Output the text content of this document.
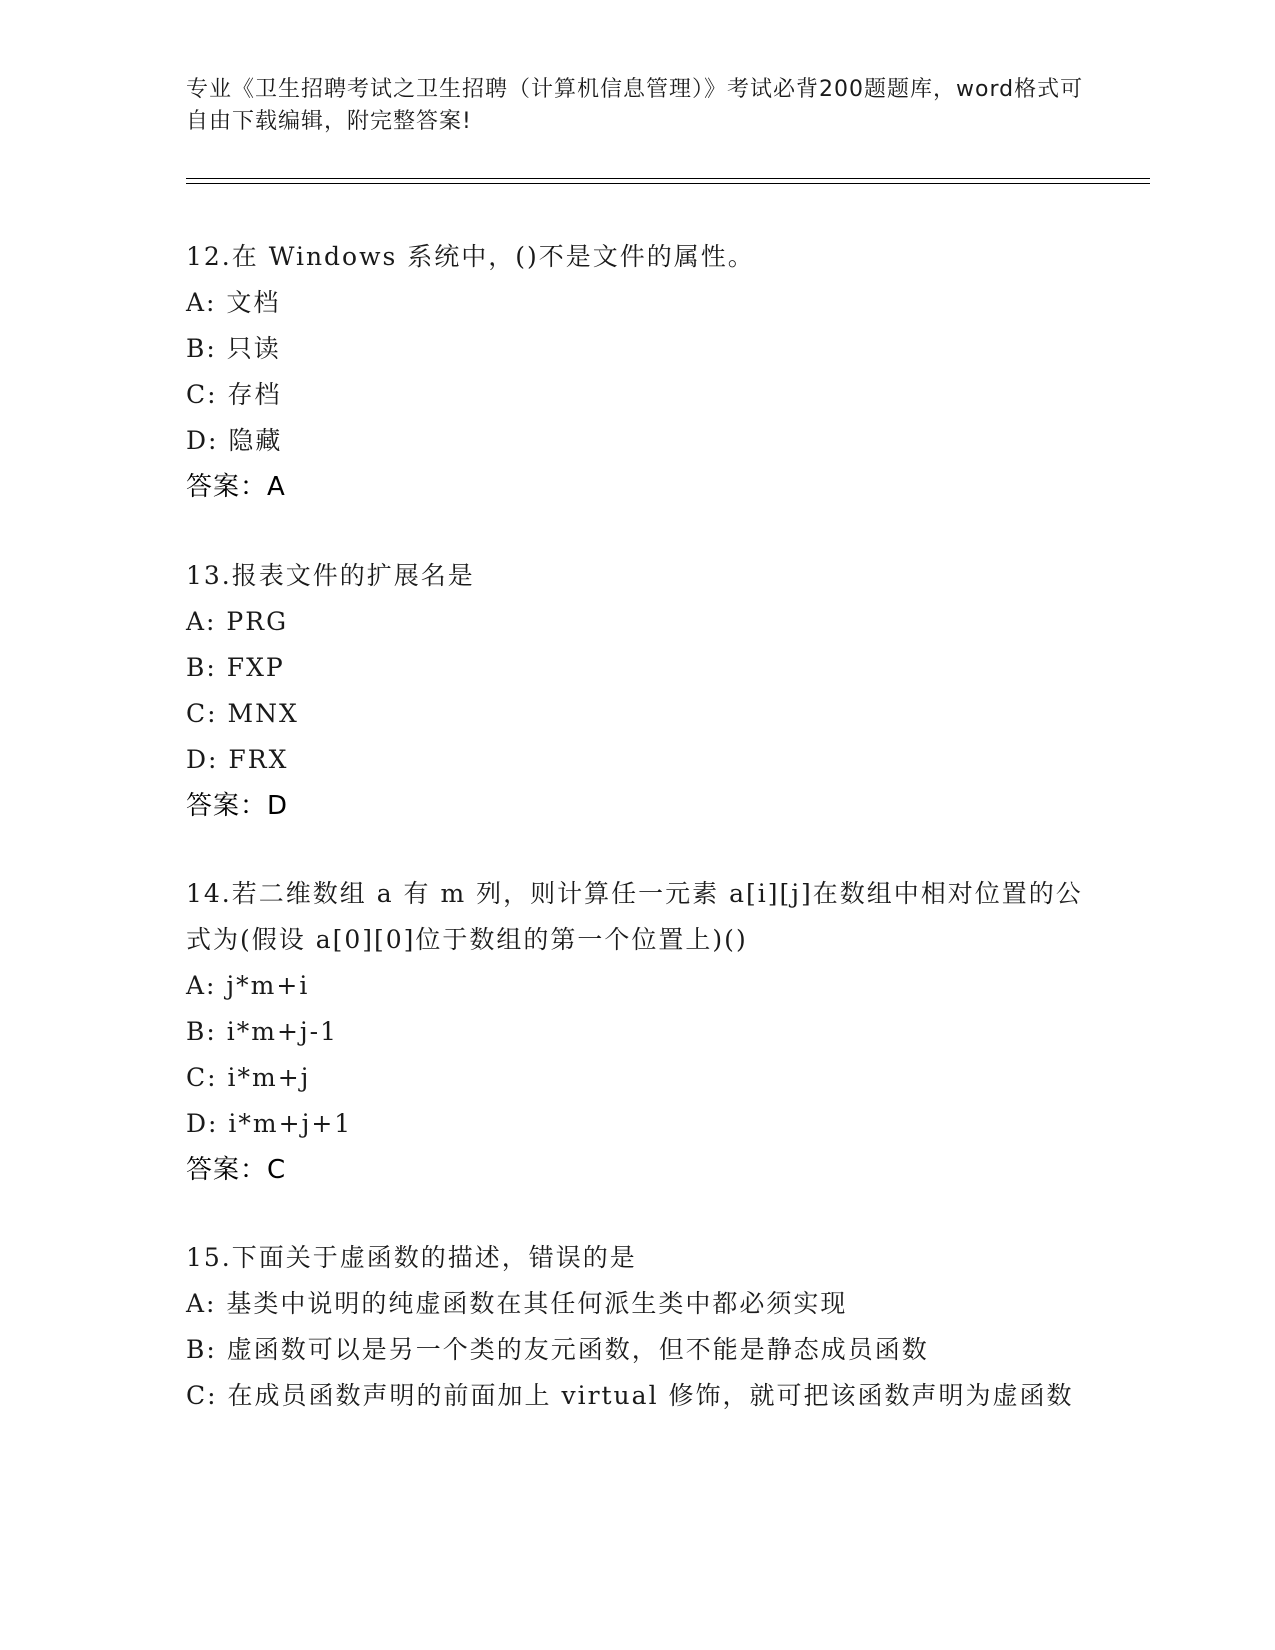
专业《卫生招聘考试之卫生招聘（计算机信息管理）》考试必背200题题库，word格式可自由下载编辑，附完整答案!
12.在 Windows 系统中，()不是文件的属性。
A: 文档
B: 只读
C: 存档
D: 隐藏
答案：A
13.报表文件的扩展名是
A: PRG
B: FXP
C: MNX
D: FRX
答案：D
14.若二维数组 a 有 m 列，则计算任一元素 a[i][j]在数组中相对位置的公式为(假设 a[0][0]位于数组的第一个位置上)()
A: j*m+i
B: i*m+j-1
C: i*m+j
D: i*m+j+1
答案：C
15.下面关于虚函数的描述，错误的是
A: 基类中说明的纯虚函数在其任何派生类中都必须实现
B: 虚函数可以是另一个类的友元函数，但不能是静态成员函数
C: 在成员函数声明的前面加上 virtual 修饰，就可把该函数声明为虚函数
